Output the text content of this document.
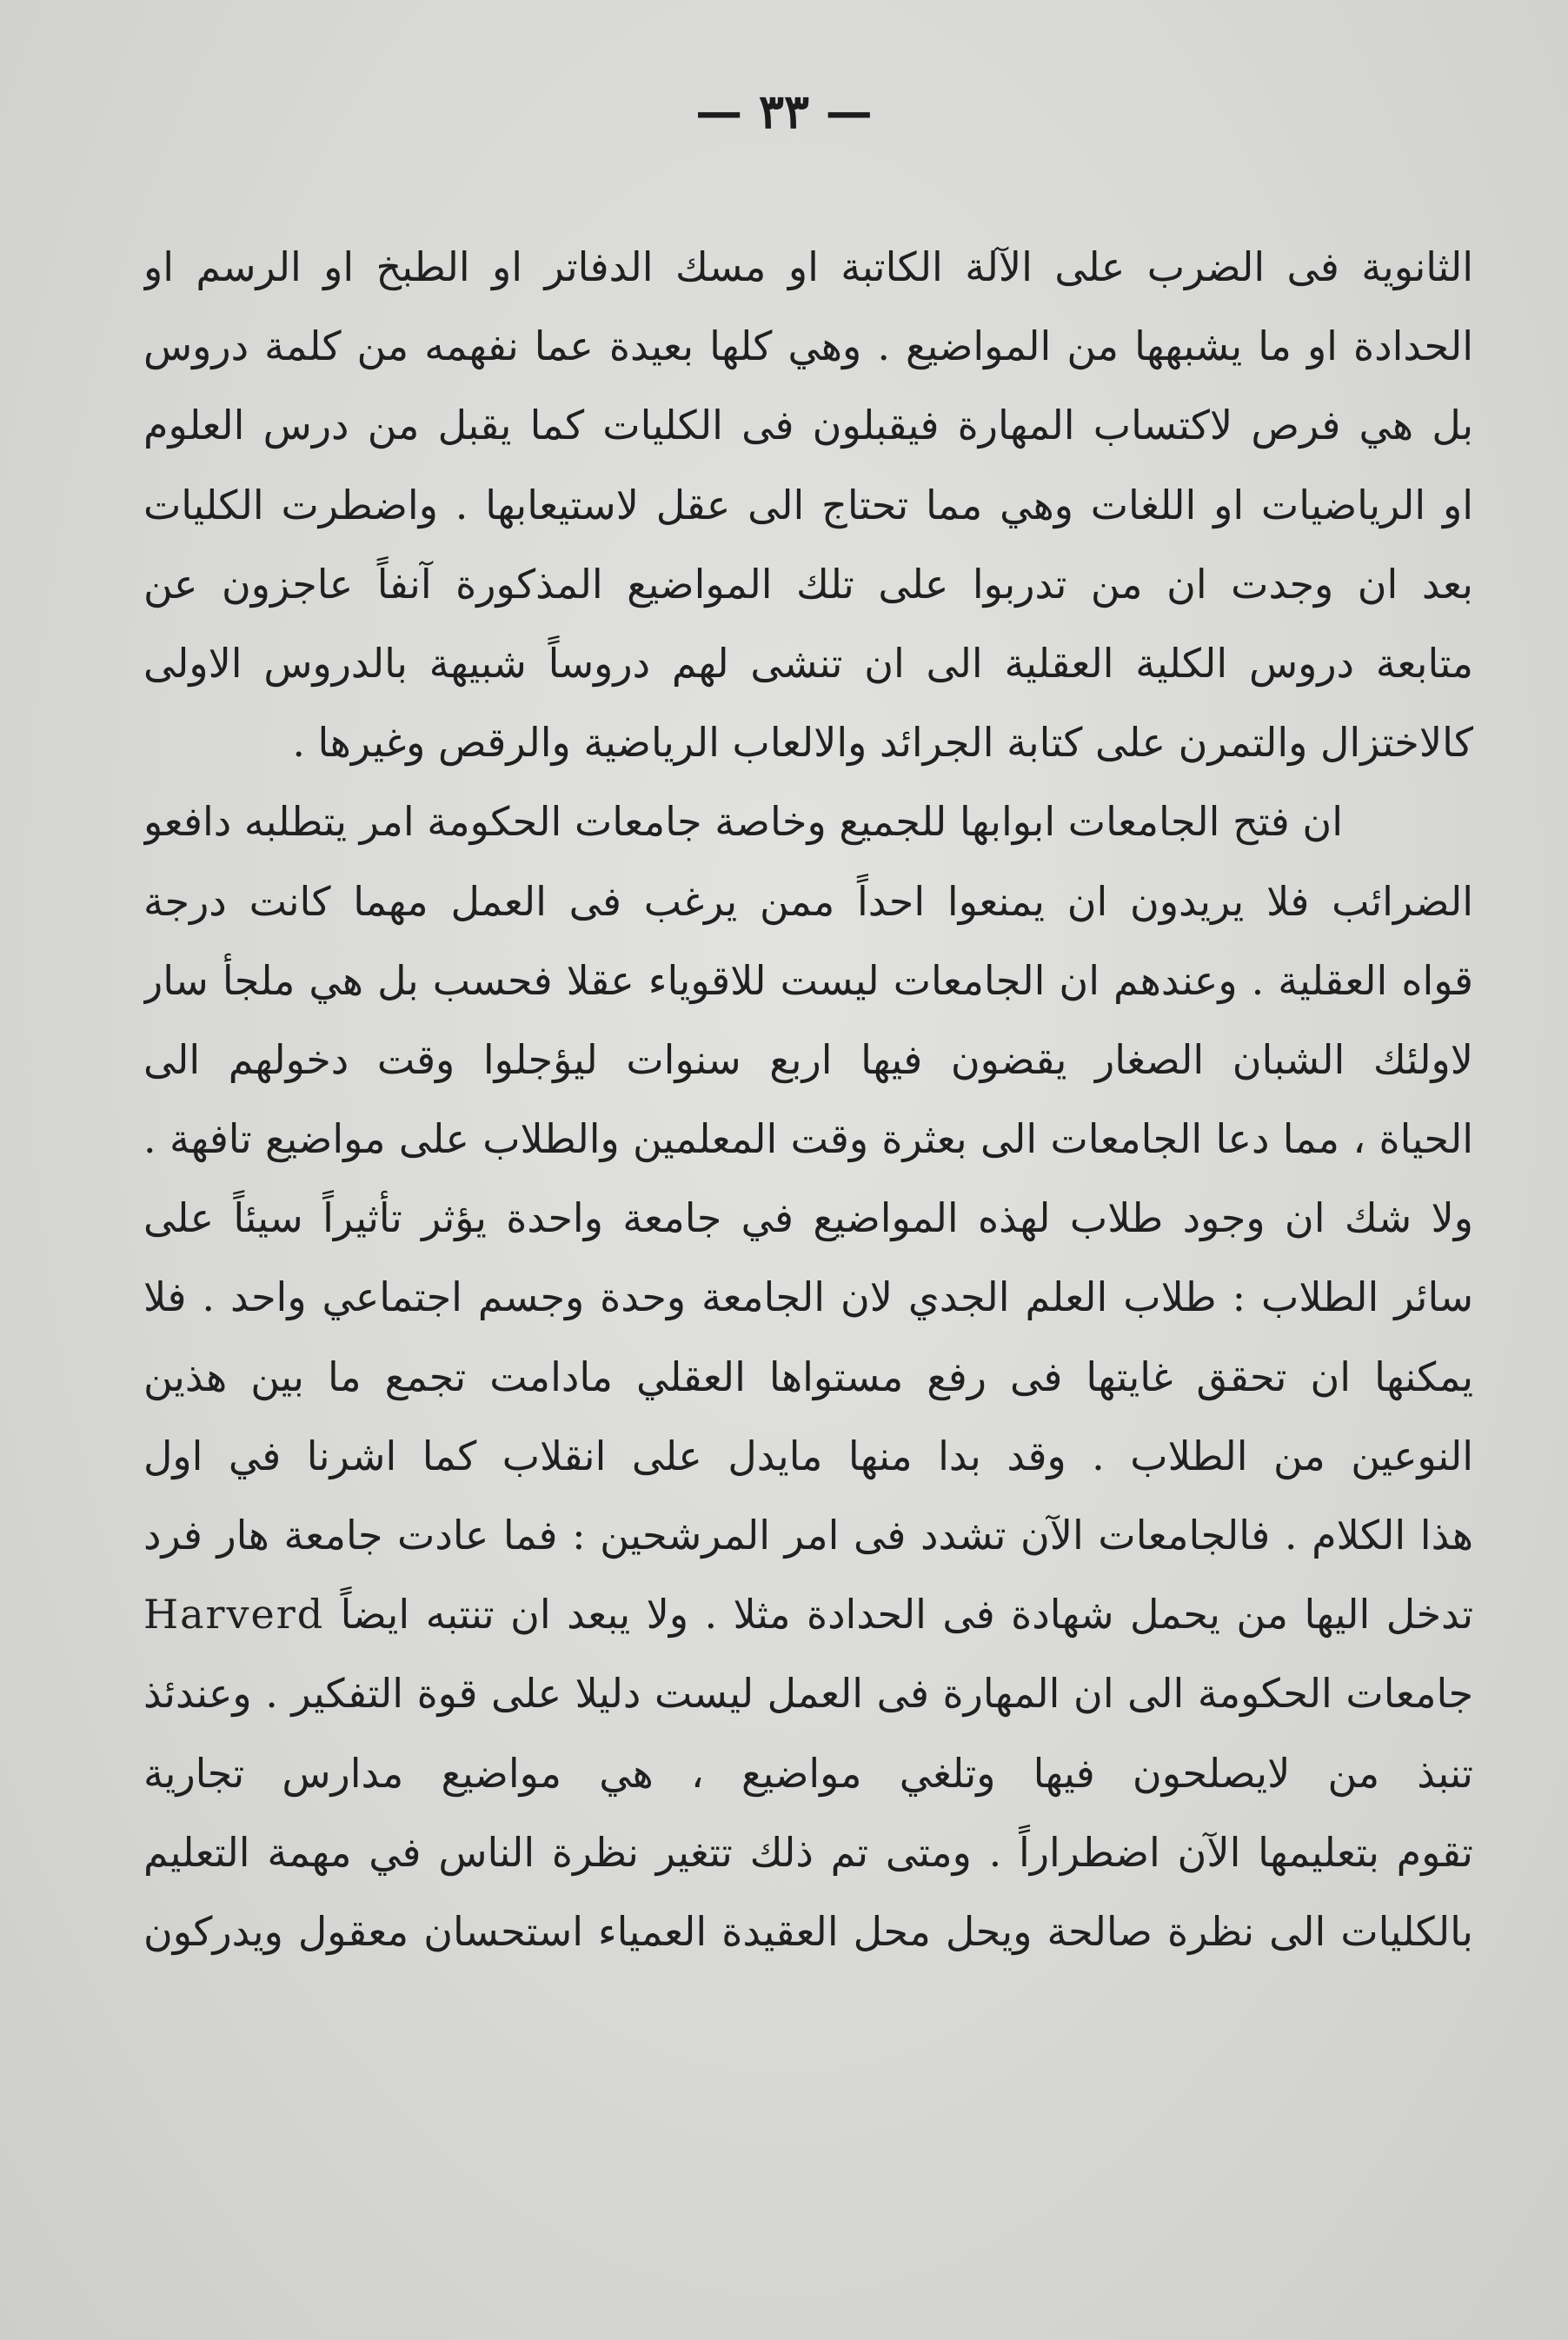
— ٣٣ —
الثانوية فى الضرب على الآلة الكاتبة او مسك الدفاتر او الطبخ او الرسم او
الحدادة او ما يشبهها من المواضيع . وهي كلها بعيدة عما نفهمه من كلمة دروس
بل هي فرص لاكتساب المهارة فيقبلون فى الكليات كما يقبل من درس العلوم
او الرياضيات او اللغات وهي مما تحتاج الى عقل لاستيعابها . واضطرت الكليات
بعد ان وجدت ان من تدربوا على تلك المواضيع المذكورة آنفاً عاجزون عن
متابعة دروس الكلية العقلية الى ان تنشى لهم دروساً شبيهة بالدروس الاولى
كالاختزال والتمرن على كتابة الجرائد والالعاب الرياضية والرقص وغيرها .
ان فتح الجامعات ابوابها للجميع وخاصة جامعات الحكومة امر يتطلبه دافعو
الضرائب فلا يريدون ان يمنعوا احداً ممن يرغب فى العمل مهما كانت درجة
قواه العقلية . وعندهم ان الجامعات ليست للاقوياء عقلا فحسب بل هي ملجأ سار
لاولئك الشبان الصغار يقضون فيها اربع سنوات ليؤجلوا وقت دخولهم الى
الحياة ، مما دعا الجامعات الى بعثرة وقت المعلمين والطلاب على مواضيع تافهة .
ولا شك ان وجود طلاب لهذه المواضيع في جامعة واحدة يؤثر تأثيراً سيئاً على
سائر الطلاب : طلاب العلم الجدي لان الجامعة وحدة وجسم اجتماعي واحد . فلا
يمكنها ان تحقق غايتها فى رفع مستواها العقلي مادامت تجمع ما بين هذين
النوعين من الطلاب . وقد بدا منها مايدل على انقلاب كما اشرنا في اول
هذا الكلام . فالجامعات الآن تشدد فى امر المرشحين : فما عادت جامعة هار فرد
تدخل اليها من يحمل شهادة فى الحدادة مثلا . ولا يبعد ان تنتبه ايضاً Harverd
جامعات الحكومة الى ان المهارة فى العمل ليست دليلا على قوة التفكير . وعندئذ
تنبذ من لايصلحون فيها وتلغي مواضيع ، هي مواضيع مدارس تجارية
تقوم بتعليمها الآن اضطراراً . ومتى تم ذلك تتغير نظرة الناس في مهمة التعليم
بالكليات الى نظرة صالحة ويحل محل العقيدة العمياء استحسان معقول ويدركون
